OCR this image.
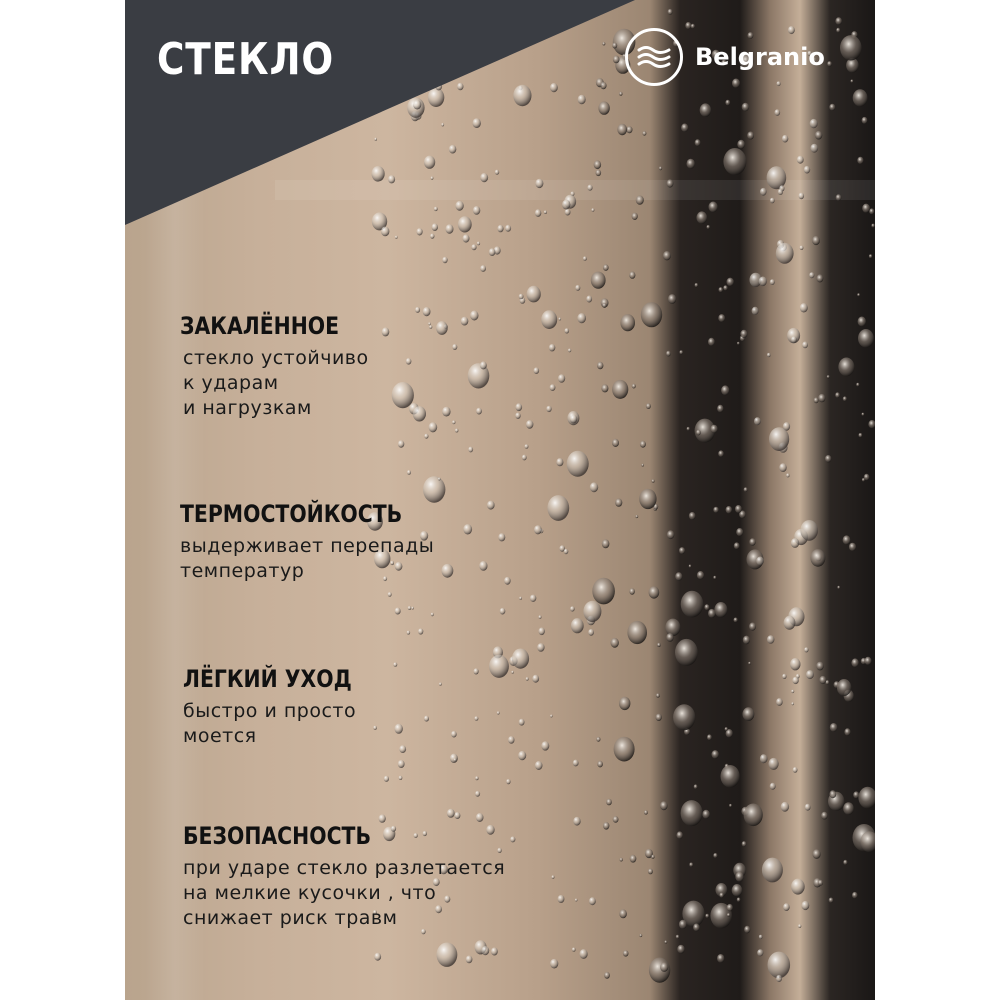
СТЕКЛО	Belgranio
ЗАКАЛЁННОЕ

стекло устойчиво
к ударам
и нагрузкам

ТЕРМОСТОЙКОСТЬ

выдерживает перепады
температур

ЛЁГКИЙ УХОД

быстро и просто
моется

БЕЗОПАСНОСТЬ

при ударе стекло разлетается
на мелкие кусочки , что
снижает риск травм
